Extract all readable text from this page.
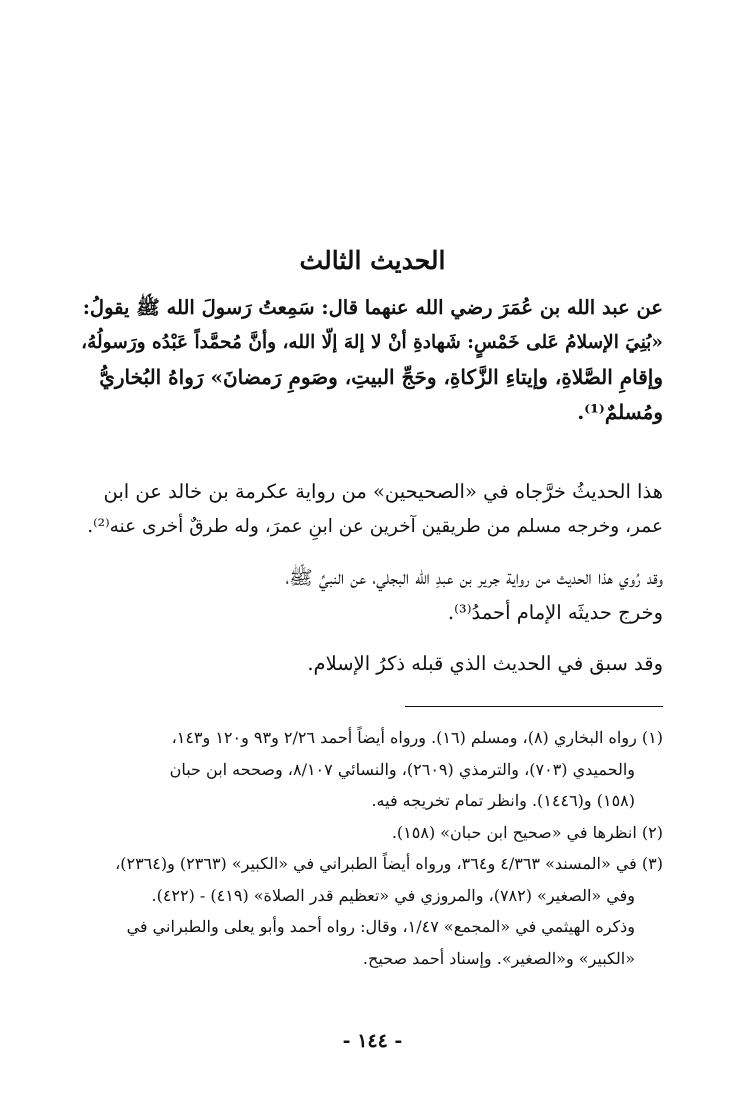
الحديث الثالث
عن عبد الله بن عُمَرَ رضي الله عنهما قال: سَمِعتُ رَسولَ الله ﷺ يقولُ:
«بُنِيَ الإسلامُ عَلى خَمْسٍ: شَهادةِ أنْ لا إلهَ إلّا الله، وأنَّ مُحمَّداً عَبْدُه ورَسولُهُ،
وإقامِ الصَّلاةِ، وإيتاءِ الزَّكاةِ، وحَجِّ البيتِ، وصَومِ رَمضانَ» رَواهُ البُخاريُّ
ومُسلمٌ⁽¹⁾.
هذا الحديثُ خرَّجاه في «الصحيحين» من رواية عكرمة بن خالد عن ابن
عمر، وخرجه مسلم من طريقين آخرين عن ابنِ عمرَ، وله طرقٌ أخرى عنه⁽²⁾.
وقد رُوي هذا الحديث من رواية جرير بن عبدِ الله البجلي، عن النبيِّ ﷺ،
وخرج حديثَه الإمام أحمدُ⁽³⁾.
وقد سبق في الحديث الذي قبله ذكرُ الإسلام.
(١) رواه البخاري (٨)، ومسلم (١٦). ورواه أيضاً أحمد ٢/٢٦ و٩٣ و١٢٠ و١٤٣،
والحميدي (٧٠٣)، والترمذي (٢٦٠٩)، والنسائي ٨/١٠٧، وصححه ابن حبان
(١٥٨) و(١٤٤٦). وانظر تمام تخريجه فيه.
(٢) انظرها في «صحيح ابن حبان» (١٥٨).
(٣) في «المسند» ٤/٣٦٣ و٣٦٤، ورواه أيضاً الطبراني في «الكبير» (٢٣٦٣) و(٢٣٦٤)،
وفي «الصغير» (٧٨٢)، والمروزي في «تعظيم قدر الصلاة» (٤١٩) - (٤٢٢).
وذكره الهيثمي في «المجمع» ١/٤٧، وقال: رواه أحمد وأبو يعلى والطبراني في
«الكبير» و«الصغير». وإسناد أحمد صحيح.
- ١٤٤ -
